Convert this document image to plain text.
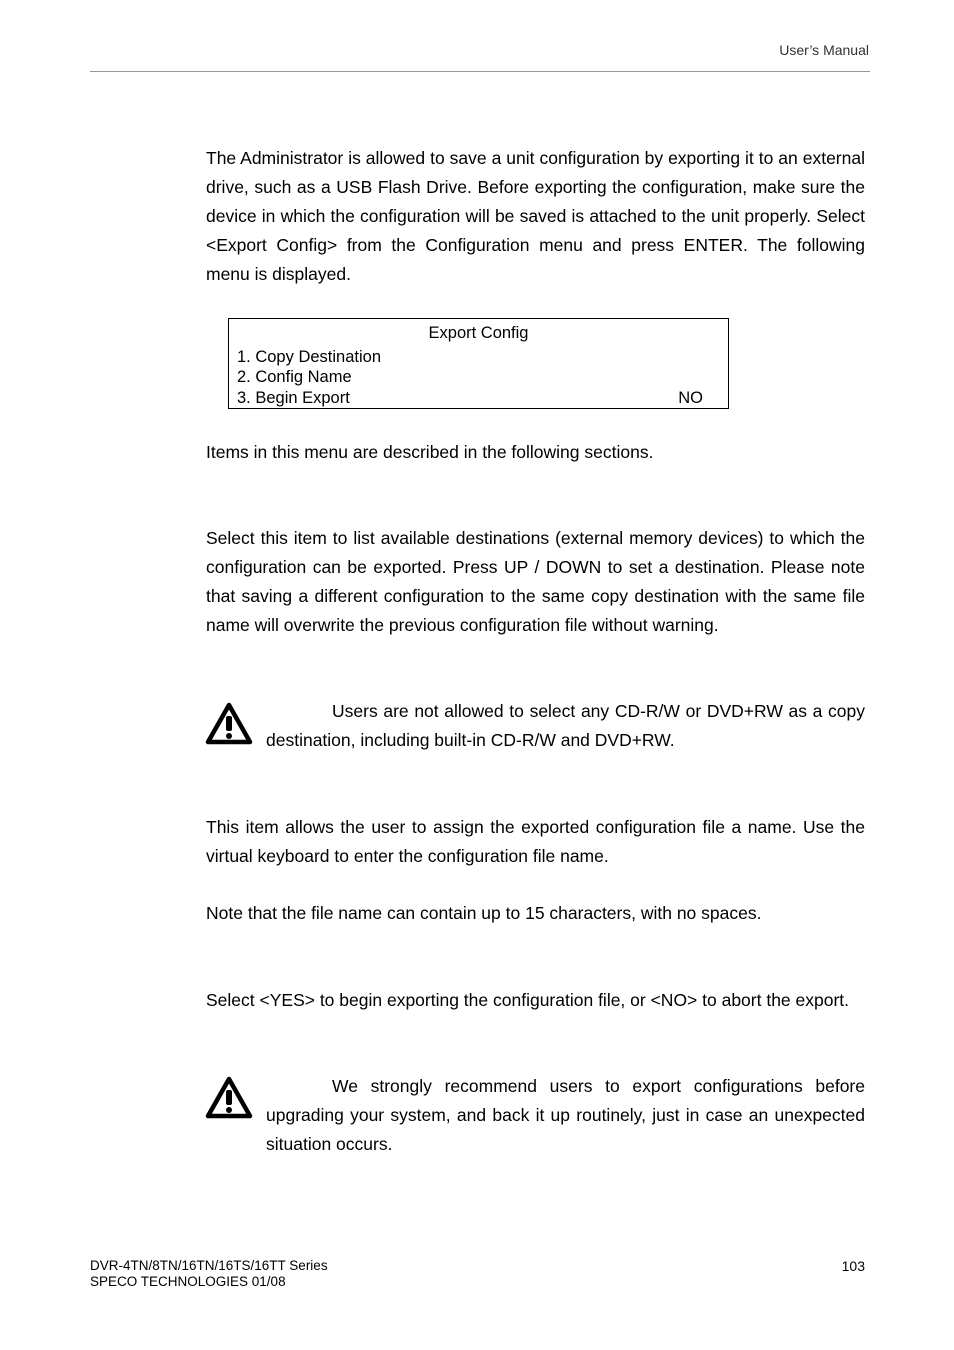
User’s Manual

The Administrator is allowed to save a unit configuration by exporting it to an external drive, such as a USB Flash Drive. Before exporting the configuration, make sure the device in which the configuration will be saved is attached to the unit properly. Select <Export Config> from the Configuration menu and press ENTER. The following menu is displayed.

Export Config
1. Copy Destination
2. Config Name
3. Begin Export	NO

Items in this menu are described in the following sections.

Select this item to list available destinations (external memory devices) to which the configuration can be exported. Press UP / DOWN to set a destination. Please note that saving a different configuration to the same copy destination with the same file name will overwrite the previous configuration file without warning.

Users are not allowed to select any CD-R/W or DVD+RW as a copy destination, including built-in CD-R/W and DVD+RW.

This item allows the user to assign the exported configuration file a name. Use the virtual keyboard to enter the configuration file name.

Note that the file name can contain up to 15 characters, with no spaces.

Select <YES> to begin exporting the configuration file, or <NO> to abort the export.

We strongly recommend users to export configurations before upgrading your system, and back it up routinely, just in case an unexpected situation occurs.

DVR-4TN/8TN/16TN/16TS/16TT Series
SPECO TECHNOLOGIES 01/08
103
